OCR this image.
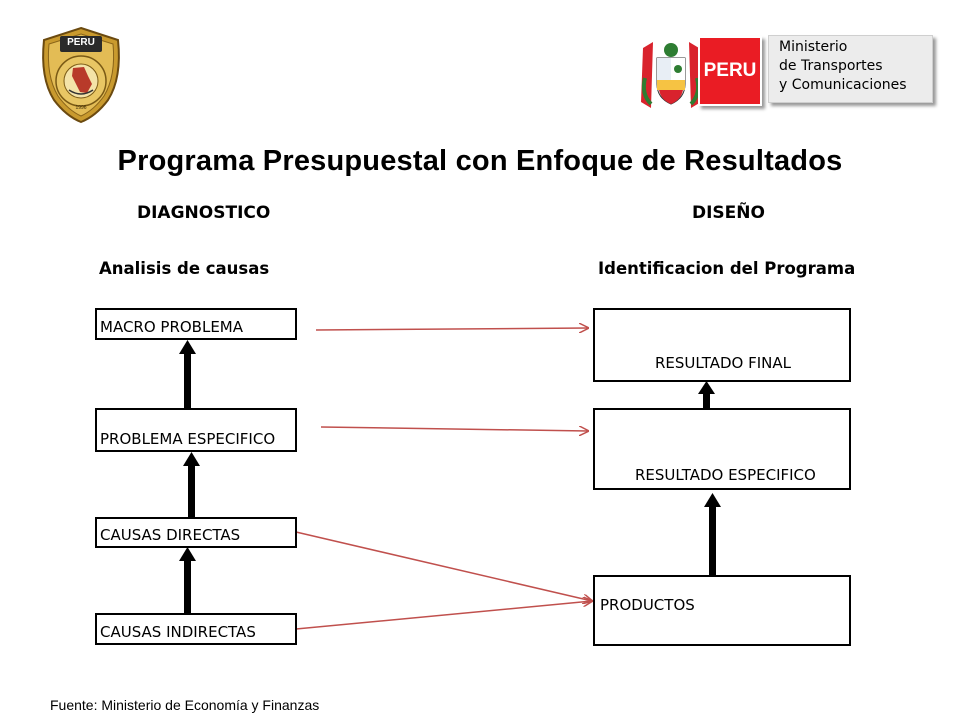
PERU
1996
PERU
Ministerio
de Transportes
y Comunicaciones
Programa Presupuestal con Enfoque de Resultados
DIAGNOSTICO	DISEÑO
Analisis de causas	Identificacion del Programa
MACRO PROBLEMA
PROBLEMA ESPECIFICO
CAUSAS DIRECTAS
CAUSAS INDIRECTAS
RESULTADO FINAL
RESULTADO ESPECIFICO
PRODUCTOS
Fuente: Ministerio de Economía y Finanzas
